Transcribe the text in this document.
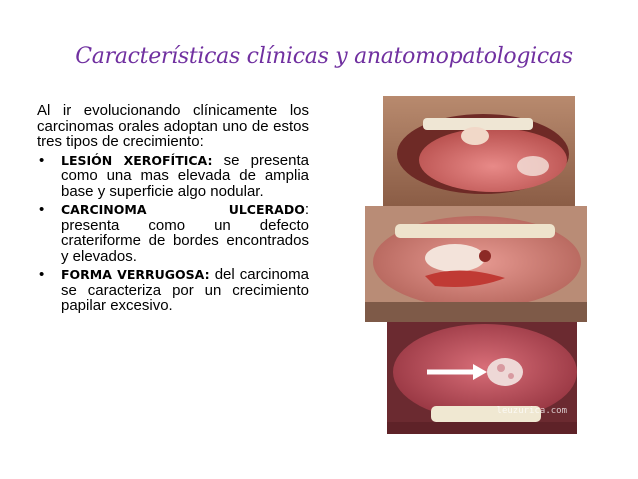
Características clínicas y anatomopatologicas

Al ir evolucionando clínicamente los carcinomas orales adoptan uno de estos tres tipos de crecimiento:

• LESIÓN XEROFÍTICA: se presenta como una mas elevada de amplia base y superficie algo nodular.
• CARCINOMA	ULCERADO:
presenta como un defecto crateriforme de bordes encontrados y elevados.
• FORMA VERRUGOSA: del carcinoma se caracteriza por un crecimiento papilar excesivo.
leuzurica.com
